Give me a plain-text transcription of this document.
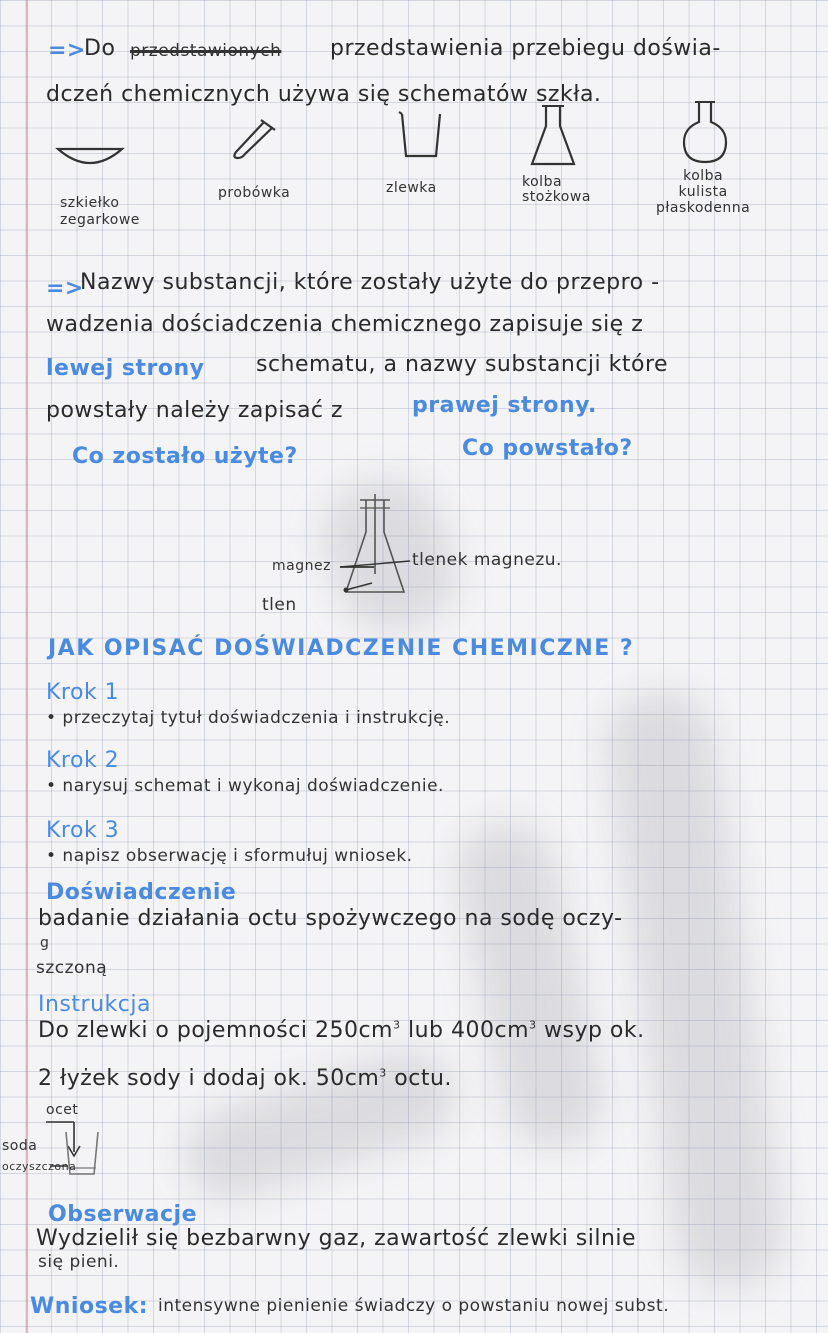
=>
Do przedstawionych przedstawienia przebiegu doświa-
dczeń chemicznych używa się schematów szkła.
szkiełko
zegarkowe
probówka	zlewka	kolba
stożkowa
kolba
kulista
płaskodenna
=>
Nazwy substancji, które zostały użyte do przepro -
wadzenia dościadczenia chemicznego zapisuje się z
lewej strony schematu, a nazwy substancji które
powstały należy zapisać z	prawej strony.
Co zostało użyte?	Co powstało?
magnez
tlen
tlenek magnezu.
JAK OPISAĆ DOŚWIADCZENIE CHEMICZNE ?
Krok 1
• przeczytaj tytuł doświadczenia i instrukcję.
Krok 2
• narysuj schemat i wykonaj doświadczenie.
Krok 3
• napisz obserwację i sformułuj wniosek.
Doświadczenie
badanie działania octu spożywczego na sodę oczy-
g
szczoną
Instrukcja
Do zlewki o pojemności $250cm^3$ lub $400cm^3$ wsyp ok.
2 łyżek sody i dodaj ok. $50cm^3$ octu.
ocet
soda
oczyszczona
Obserwacje
Wydzielił się bezbarwny gaz, zawartość zlewki silnie
się pieni.
Wniosek: intensywne pienienie świadczy o powstaniu nowej subst.
